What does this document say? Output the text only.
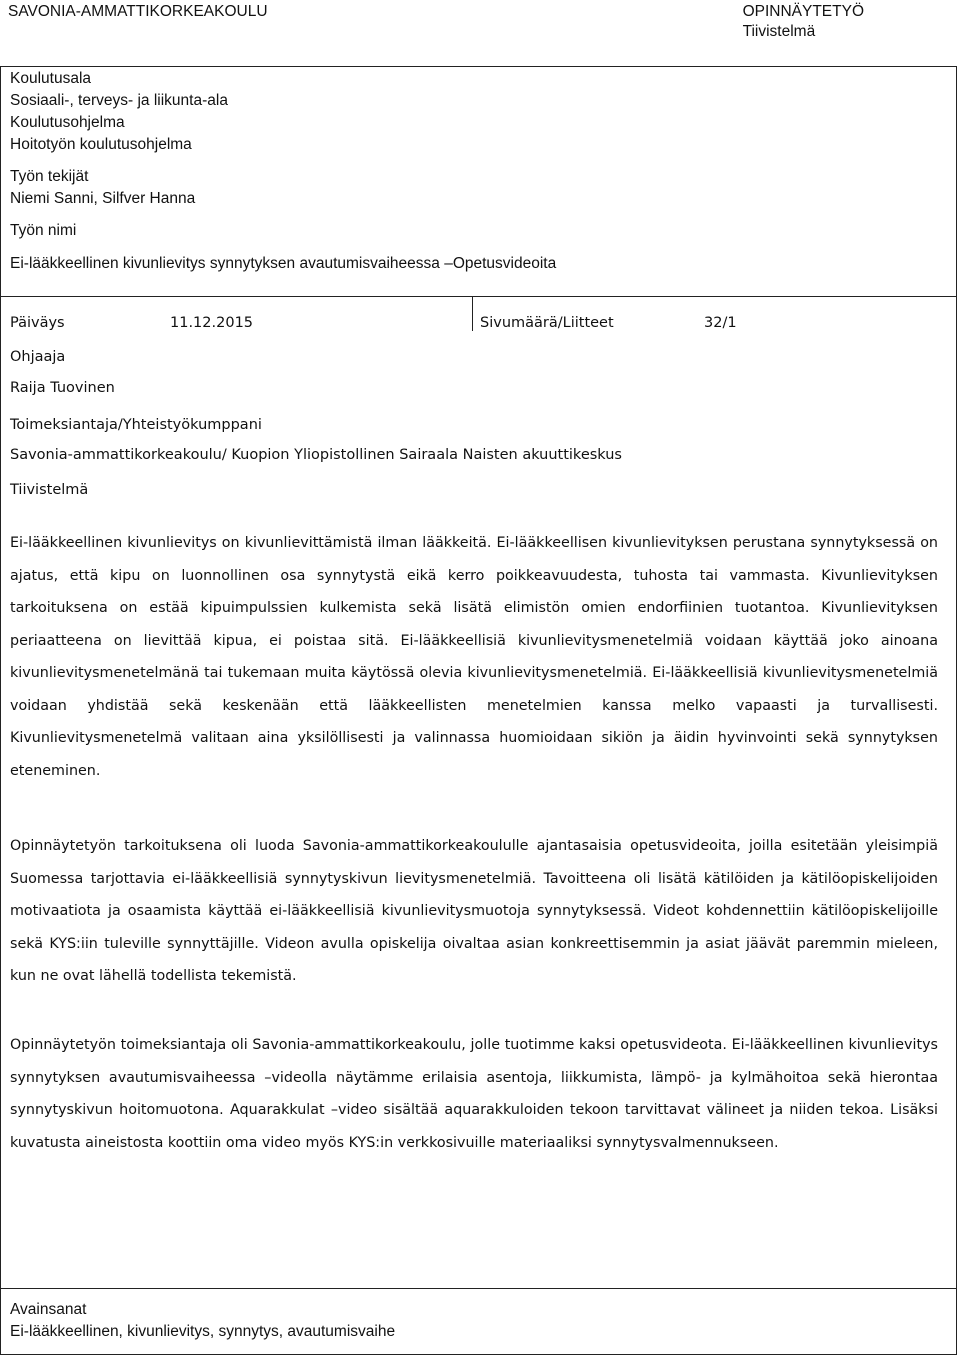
SAVONIA-AMMATTIKORKEAKOULU	OPINNÄYTETYÖ
Tiivistelmä
Koulutusala
Sosiaali-, terveys- ja liikunta-ala
Koulutusohjelma
Hoitotyön koulutusohjelma
Työn tekijät
Niemi Sanni, Silfver Hanna
Työn nimi
Ei-lääkkeellinen kivunlievitys synnytyksen avautumisvaiheessa –Opetusvideoita
Päiväys	11.12.2015	Sivumäärä/Liitteet	32/1
Ohjaaja
Raija Tuovinen
Toimeksiantaja/Yhteistyökumppani
Savonia-ammattikorkeakoulu/ Kuopion Yliopistollinen Sairaala Naisten akuuttikeskus
Tiivistelmä

Ei-lääkkeellinen kivunlievitys on kivunlievittämistä ilman lääkkeitä. Ei-lääkkeellisen kivunlievityksen perustana synnytyksessä on ajatus, että kipu on luonnollinen osa synnytystä eikä kerro poikkeavuudesta, tuhosta tai vammasta. Kivunlievityksen tarkoituksena on estää kipuimpulssien kulkemista sekä lisätä elimistön omien endorfiinien tuotantoa. Kivunlievityksen periaatteena on lievittää kipua, ei poistaa sitä. Ei-lääkkeellisiä kivunlievitysmenetelmiä voidaan käyttää joko ainoana kivunlievitysmenetelmänä tai tukemaan muita käytössä olevia kivunlievitysmenetelmiä. Ei-lääkkeellisiä kivunlievitysmenetelmiä voidaan yhdistää sekä keskenään että lääkkeellisten menetelmien kanssa melko vapaasti ja turvallisesti. Kivunlievitysmenetelmä valitaan aina yksilöllisesti ja valinnassa huomioidaan sikiön ja äidin hyvinvointi sekä synnytyksen eteneminen.

Opinnäytetyön tarkoituksena oli luoda Savonia-ammattikorkeakoululle ajantasaisia opetusvideoita, joilla esitetään yleisimpiä Suomessa tarjottavia ei-lääkkeellisiä synnytyskivun lievitysmenetelmiä. Tavoitteena oli lisätä kätilöiden ja kätilöopiskelijoiden motivaatiota ja osaamista käyttää ei-lääkkeellisiä kivunlievitysmuotoja synnytyksessä. Videot kohdennettiin kätilöopiskelijoille sekä KYS:iin tuleville synnyttäjille. Videon avulla opiskelija oivaltaa asian konkreettisemmin ja asiat jäävät paremmin mieleen, kun ne ovat lähellä todellista tekemistä.

Opinnäytetyön toimeksiantaja oli Savonia-ammattikorkeakoulu, jolle tuotimme kaksi opetusvideota. Ei-lääkkeellinen kivunlievitys synnytyksen avautumisvaiheessa –videolla näytämme erilaisia asentoja, liikkumista, lämpö- ja kylmähoitoa sekä hierontaa synnytyskivun hoitomuotona. Aquarakkulat –video sisältää aquarakkuloiden tekoon tarvittavat välineet ja niiden tekoa. Lisäksi kuvatusta aineistosta koottiin oma video myös KYS:in verkkosivuille materiaaliksi synnytysvalmennukseen.

Avainsanat
Ei-lääkkeellinen, kivunlievitys, synnytys, avautumisvaihe
